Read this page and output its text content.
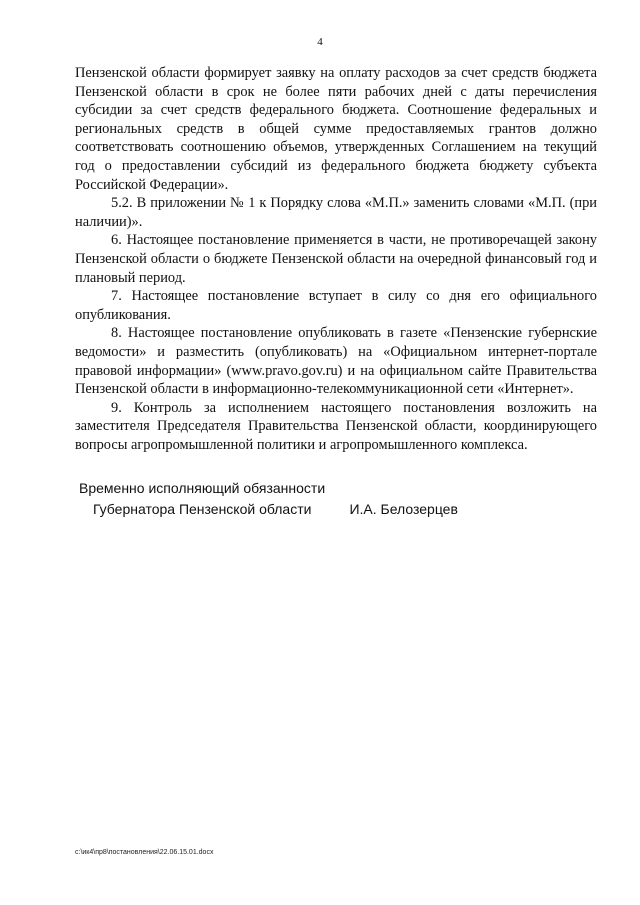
4

Пензенской области формирует заявку на оплату расходов за счет средств бюджета Пензенской области в срок не более пяти рабочих дней с даты перечисления субсидии за счет средств федерального бюджета. Соотношение федеральных и региональных средств в общей сумме предоставляемых грантов должно соответствовать соотношению объемов, утвержденных Соглашением на текущий год о предоставлении субсидий из федерального бюджета бюджету субъекта Российской Федерации».

5.2. В приложении № 1 к Порядку слова «М.П.» заменить словами «М.П. (при наличии)».

6. Настоящее постановление применяется в части, не противоречащей закону Пензенской области о бюджете Пензенской области на очередной финансовый год и плановый период.

7. Настоящее постановление вступает в силу со дня его официального опубликования.

8. Настоящее постановление опубликовать в газете «Пензенские губернские ведомости» и разместить (опубликовать) на «Официальном интернет-портале правовой информации» (www.pravo.gov.ru) и на официальном сайте Правительства Пензенской области в информационно-телекоммуникационной сети «Интернет».

9. Контроль за исполнением настоящего постановления возложить на заместителя Председателя Правительства Пензенской области, координирующего вопросы агропромышленной политики и агропромышленного комплекса.

Временно исполняющий обязанности
Губернатора Пензенской области	И.А. Белозерцев
c:\ик4\пр8\постановления\22.06.15.01.docx
